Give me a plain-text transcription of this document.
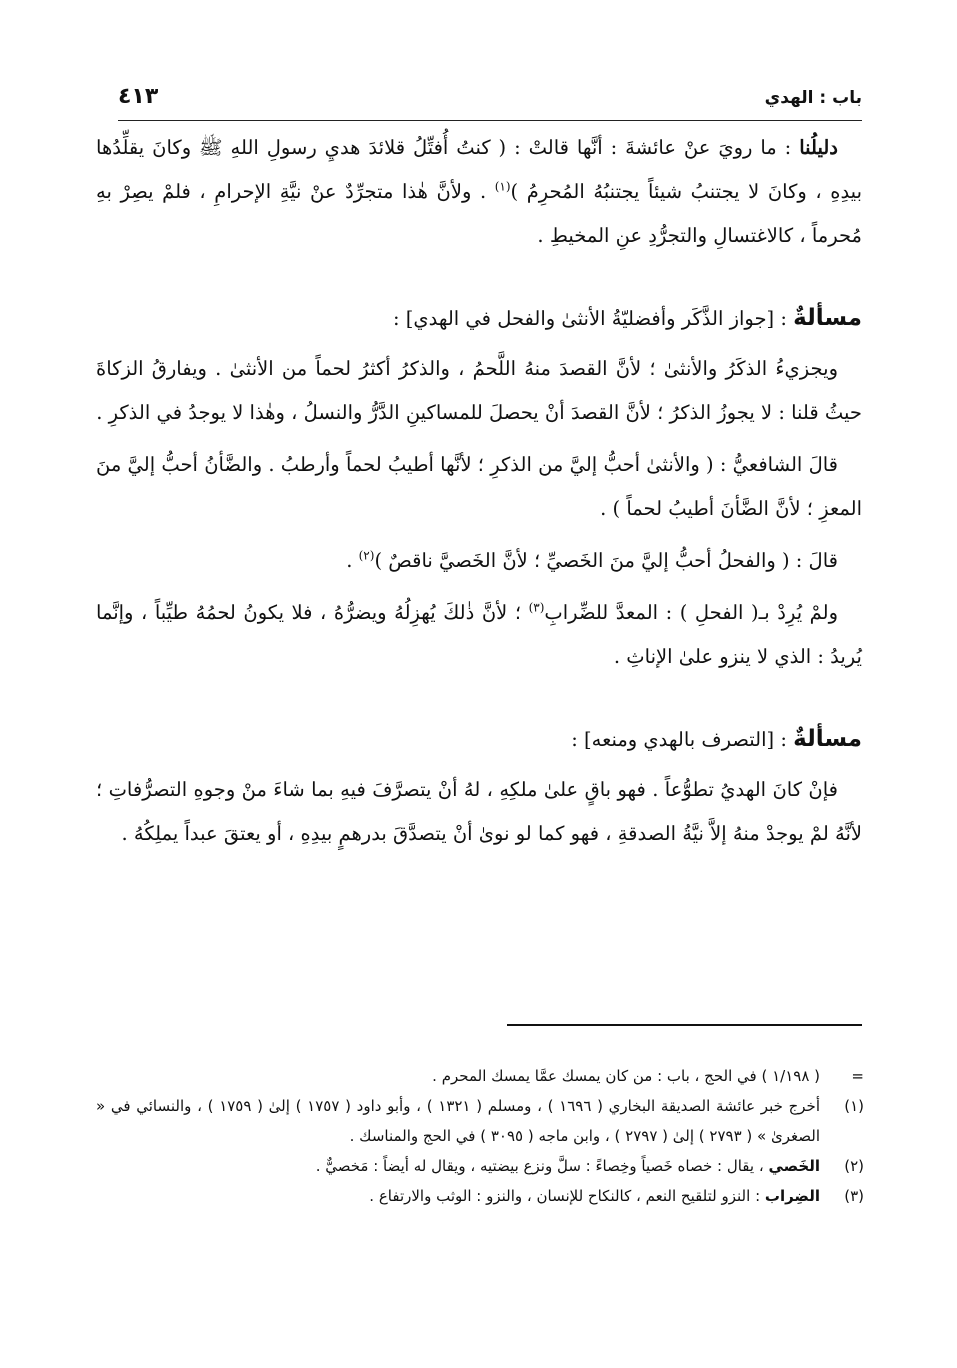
باب : الهدي
٤١٣

دليلُنا : ما رويَ عنْ عائشةَ : أنَّها قالتْ : ( كنتُ أُفتِّلُ قلائدَ هديِ رسولِ اللهِ ﷺ وكانَ يقلِّدُها بيدِهِ ، وكانَ لا يجتنبُ شيئاً يجتنبُهُ المُحرِمُ )$^{(١)}$ . ولأنَّ هٰذا متجرِّدٌ عنْ نيَّةِ الإحرامِ ، فلمْ يصِرْ بهِ مُحرماً ، كالاغتسالِ والتجرُّدِ عنِ المخيطِ .

مسألةٌ : [جواز الذَّكَر وأفضليّةُ الأنثىٰ والفحل في الهدي] :

ويجزيءُ الذكَرُ والأنثىٰ ؛ لأنَّ القصدَ منهُ اللَّحمُ ، والذكرُ أكثرُ لحماً من الأنثىٰ . ويفارقُ الزكاةَ حيثُ قلنا : لا يجوزُ الذكرُ ؛ لأنَّ القصدَ أنْ يحصلَ للمساكينِ الدَّرُّ والنسلُ ، وهٰذا لا يوجدُ في الذكرِ .

قالَ الشافعيُّ : ( والأنثىٰ أحبُّ إليَّ من الذكرِ ؛ لأنَّها أطيبُ لحماً وأرطبُ . والضَّأنُ أحبُّ إليَّ منَ المعزِ ؛ لأنَّ الضَّأنَ أطيبُ لحماً ) .

قالَ : ( والفحلُ أحبُّ إليَّ منَ الخَصيِّ ؛ لأنَّ الخَصيَّ ناقصٌ )$^{(٢)}$ .

ولمْ يُرِدْ بـ( الفحلِ ) : المعدَّ للضِّرابِ$^{(٣)}$ ؛ لأنَّ ذٰلكَ يُهزِلُهُ ويضرُّهُ ، فلا يكونُ لحمُهُ طيِّباً ، وإنَّما يُريدُ : الذي لا ينزو علىٰ الإناثِ .

مسألةٌ : [التصرف بالهدي ومنعه] :

فإنْ كانَ الهديُ تطوُّعاً . فهو باقٍ علىٰ ملكِهِ ، لهُ أنْ يتصرَّفَ فيهِ بما شاءَ منْ وجوهِ التصرُّفاتِ ؛ لأنَّهُ لمْ يوجدْ منهُ إلاَّ نيَّةُ الصدقةِ ، فهو كما لو نوىٰ أنْ يتصدَّقَ بدرهمٍ بيدِهِ ، أو يعتقَ عبداً يملِكُهُ .

=
( ١/١٩٨ ) في الحج ، باب : من كان يمسك عمَّا يمسك المحرم .
(١)
أخرج خبر عائشة الصديقة البخاري ( ١٦٩٦ ) ، ومسلم ( ١٣٢١ ) ، وأبو داود ( ١٧٥٧ ) إلىٰ ( ١٧٥٩ ) ، والنسائي في « الصغرىٰ » ( ٢٧٩٣ ) إلىٰ ( ٢٧٩٧ ) ، وابن ماجه ( ٣٠٩٥ ) في الحج والمناسك .
(٢)
الخَصي ، يقال : خصاه خَصياً وخِصاءً : سلَّ ونزع بيضتيه ، ويقال له أيضاً : مَخصيٌّ .
(٣)
الضِراب : النزو لتلقيح النعم ، كالنكاح للإنسان ، والنزو : الوثب والارتفاع .
